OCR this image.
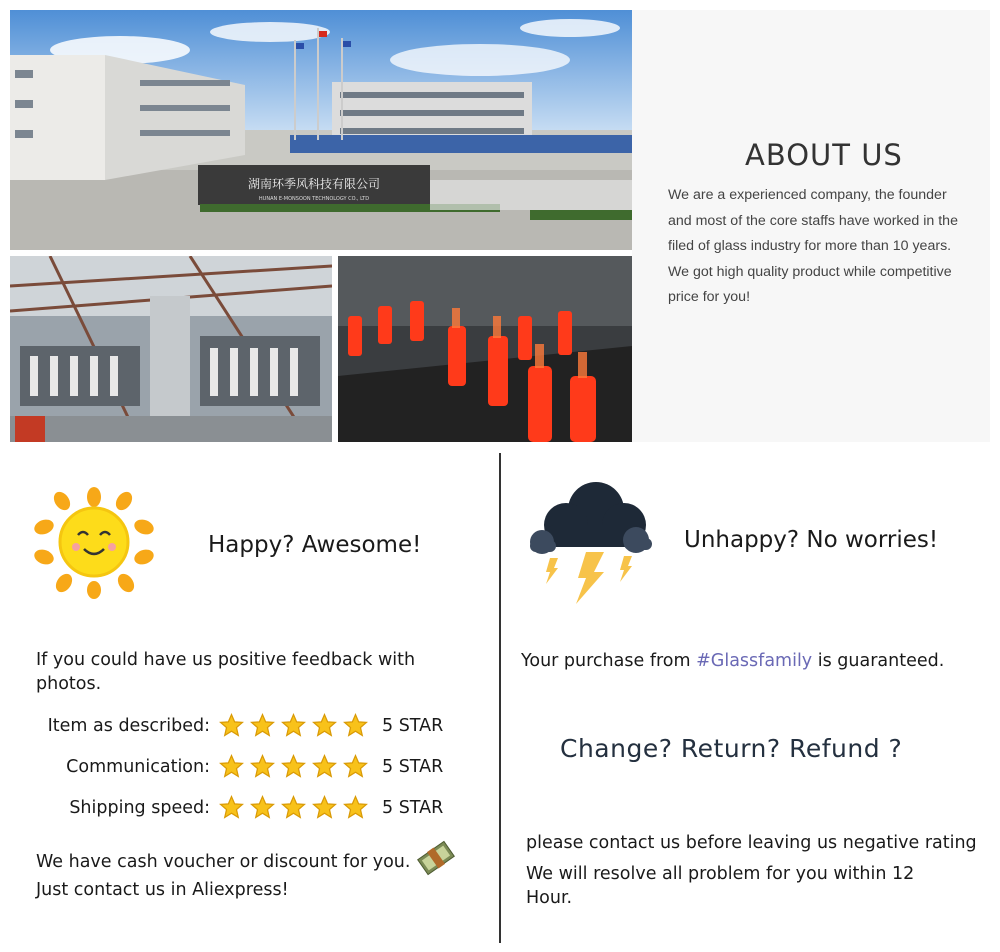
湖南环季风科技有限公司
HUNAN E-MONSOON TECHNOLOGY CO., LTD
ABOUT US
We are a experienced company, the founder
and most of the core staffs have worked in the
filed of glass industry for more than 10 years.
We got high quality product while competitive
price for you!
Happy? Awesome!
If you could have us positive feedback with
photos.
Item as described:	5 STAR
Communication:	5 STAR
Shipping speed:	5 STAR
We have cash voucher or discount for you.
Just contact us in Aliexpress!
Unhappy? No worries!
Your purchase from #Glassfamily is guaranteed.
Change? Return? Refund ?
please contact us before leaving us negative rating
We will resolve all problem for you within 12
Hour.
